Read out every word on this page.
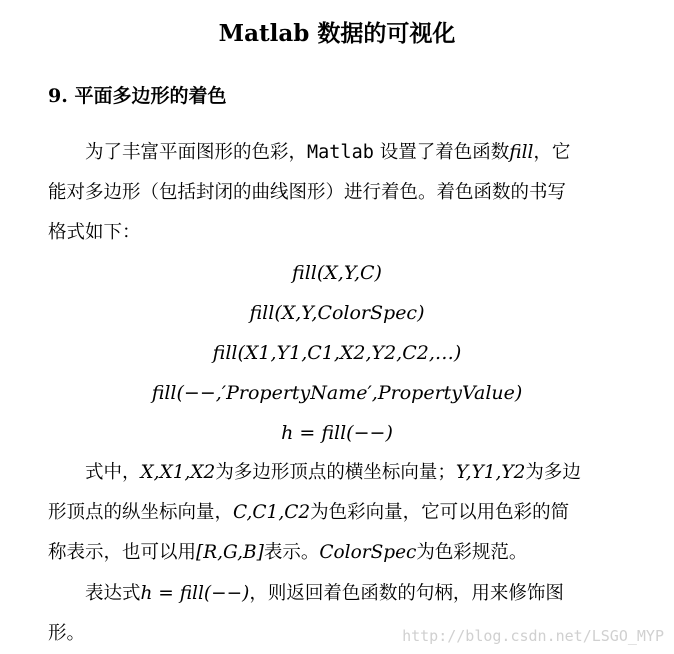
Matlab 数据的可视化
9. 平面多边形的着色
为了丰富平面图形的色彩，Matlab 设置了着色函数fill，它
能对多边形（包括封闭的曲线图形）进行着色。着色函数的书写
格式如下：
fill(X,Y,C)
fill(X,Y,ColorSpec)
fill(X1,Y1,C1,X2,Y2,C2,…)
fill(−−,′PropertyName′,PropertyValue)
h = fill(−−)
式中，X,X1,X2为多边形顶点的横坐标向量；Y,Y1,Y2为多边
形顶点的纵坐标向量，C,C1,C2为色彩向量，它可以用色彩的简
称表示，也可以用[R,G,B]表示。ColorSpec为色彩规范。
表达式h = fill(−−)，则返回着色函数的句柄，用来修饰图
形。	http://blog.csdn.net/LSGO_MYP
